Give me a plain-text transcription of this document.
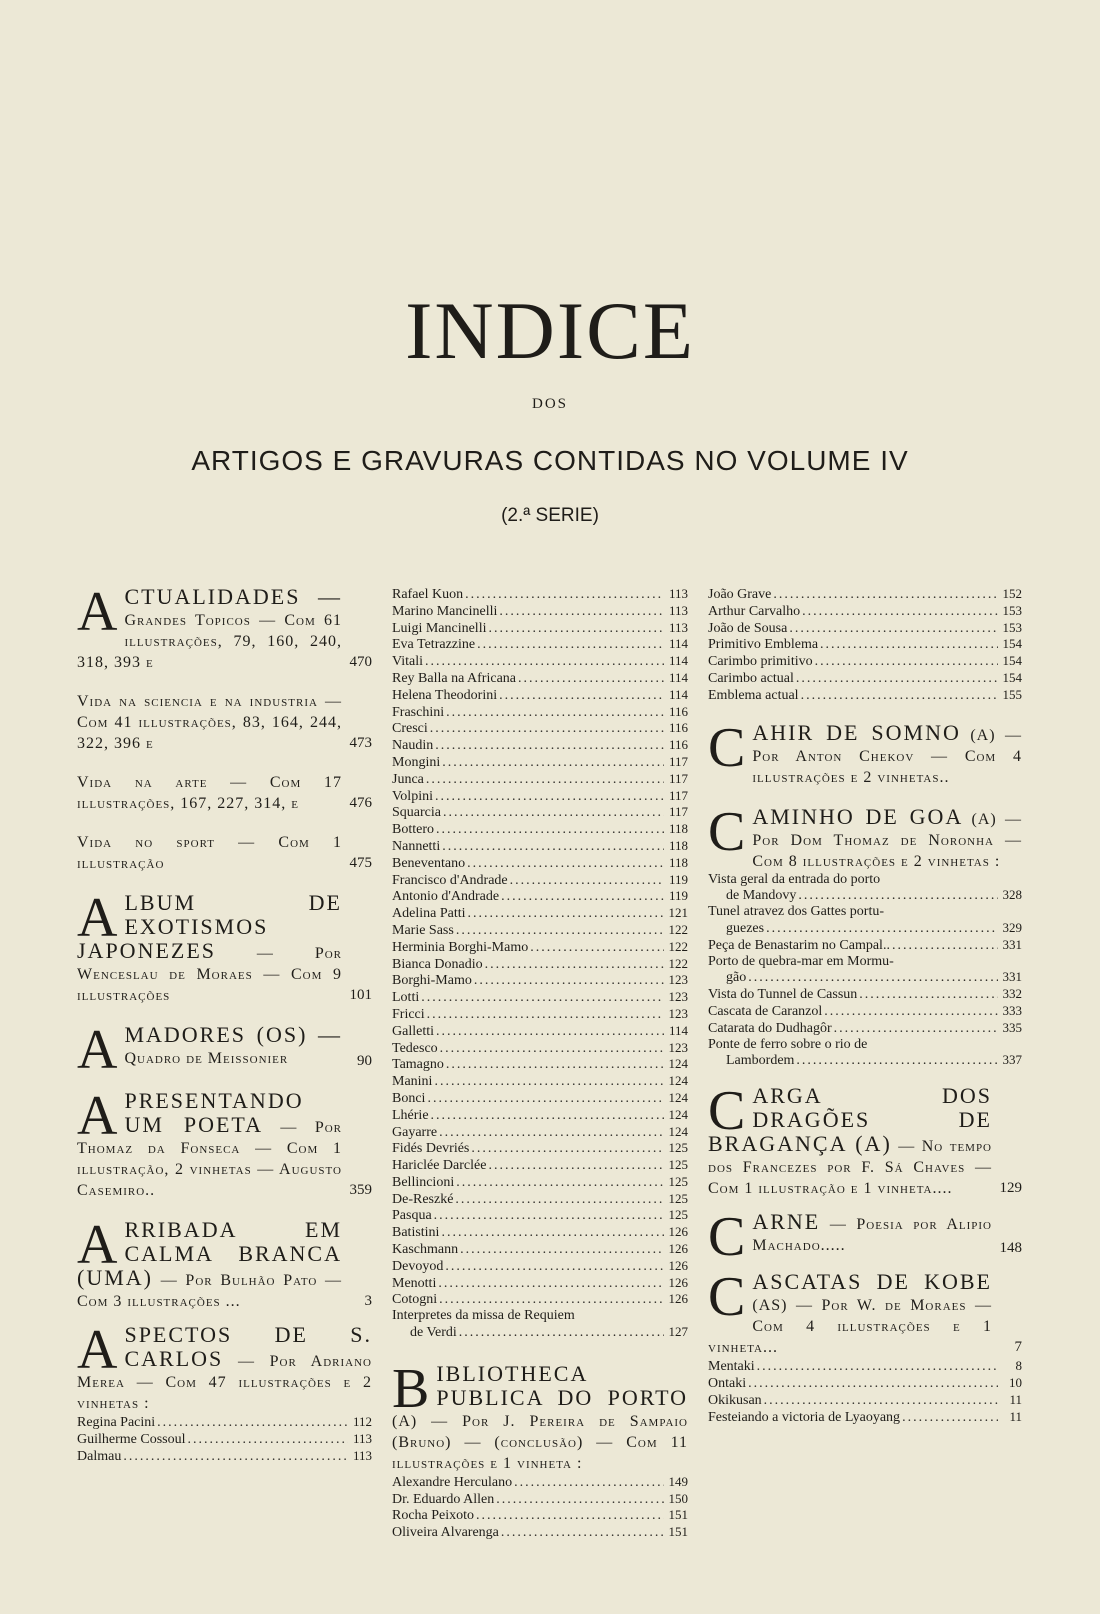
INDICE
DOS
ARTIGOS E GRAVURAS CONTIDAS NO VOLUME IV
(2.ª SERIE)
A CTUALIDADES — Grandes Topicos — Com 61 illustrações, 79, 160, 240, 318, 393 e	470
Vida na sciencia e na industria — Com 41 illustrações, 83, 164, 244, 322, 396 e	473
Vida na arte — Com 17 illustrações, 167, 227, 314, e	476
Vida no sport — Com 1 illustração	475
A LBUM DE EXOTISMOS JAPONEZES	— Por Wenceslau de Moraes — Com 9 illustrações	101
A MADORES (OS) — Quadro de Meissonier	90
A PRESENTANDO UM POETA — Por Thomaz da Fonseca — Com 1 illustração, 2 vinhetas — Augusto Casemiro..	359
A RRIBADA EM CALMA BRANCA (UMA) — Por Bulhão Pato — Com 3 illustrações ...	3
A SPECTOS DE S. CARLOS — Por Adriano Merea — Com 47 illustrações e 2 vinhetas :
Regina Pacini .....	112
Guilherme Cossoul .....	113
Dalmau .....	113
Rafael Kuon .....	113
Marino Mancinelli .....	113
Luigi Mancinelli .....	113
Eva Tetrazzine .....	114
Vitali .....	114
Rey Balla na Africana .....	114
Helena Theodorini .....	114
Fraschini .....	116
Cresci .....	116
Naudin .....	116
Mongini .....	117
Junca .....	117
Volpini .....	117
Squarcia .....	117
Bottero .....	118
Nannetti .....	118
Beneventano .....	118
Francisco d'Andrade .....	119
Antonio d'Andrade .....	119
Adelina Patti .....	121
Marie Sass .....	122
Herminia Borghi-Mamo .....	122
Bianca Donadio .....	122
Borghi-Mamo .....	123
Lotti .....	123
Fricci .....	123
Galletti .....	114
Tedesco .....	123
Tamagno .....	124
Manini .....	124
Bonci .....	124
Lhérie .....	124
Gayarre .....	124
Fidés Devriés .....	125
Hariclée Darclée .....	125
Bellincioni .....	125
De-Reszké .....	125
Pasqua .....	125
Batistini .....	126
Kaschmann .....	126
Devoyod .....	126
Menotti .....	126
Cotogni .....	126
Interpretes da missa de Requiem
de Verdi .....	127
B IBLIOTHECA PUBLICA DO PORTO (A) — Por J. Pereira de Sampaio (Bruno) — (conclusão) — Com 11 illustrações e 1 vinheta :
Alexandre Herculano .....	149
Dr. Eduardo Allen .....	150
Rocha Peixoto .....	151
Oliveira Alvarenga .....	151
João Grave .....	152
Arthur Carvalho .....	153
João de Sousa .....	153
Primitivo Emblema .....	154
Carimbo primitivo .....	154
Carimbo actual .....	154
Emblema actual .....	155
C AHIR DE SOMNO (A) — Por Anton Chekov — Com 4 illustrações e 2 vinhetas..
C AMINHO DE GOA (A) — Por Dom Thomaz de Noronha — Com 8 illustrações e 2 vinhetas :
Vista geral da entrada do porto
de Mandovy .....	328
Tunel atravez dos Gattes portu-
guezes .....	329
Peça de Benastarim no Campal.. .....	331
Porto de quebra-mar em Mormu-
gão .....	331
Vista do Tunnel de Cassun .....	332
Cascata de Caranzol .....	333
Catarata do Dudhagôr .....	335
Ponte de ferro sobre o rio de
Lambordem .....	337
C ARGA DOS DRAGÕES DE BRAGANÇA (A) — No tempo dos Francezes por F. Sá Chaves — Com 1 illustração e 1 vinheta....	129
C ARNE — Poesia por Alipio Machado.....	148
C ASCATAS DE KOBE (AS) — Por W. de Moraes — Com 4 illustrações e 1 vinheta...	7
Mentaki .....	8
Ontaki .....	10
Okikusan .....	11
Festeiando a victoria de Lyaoyang .....	11
